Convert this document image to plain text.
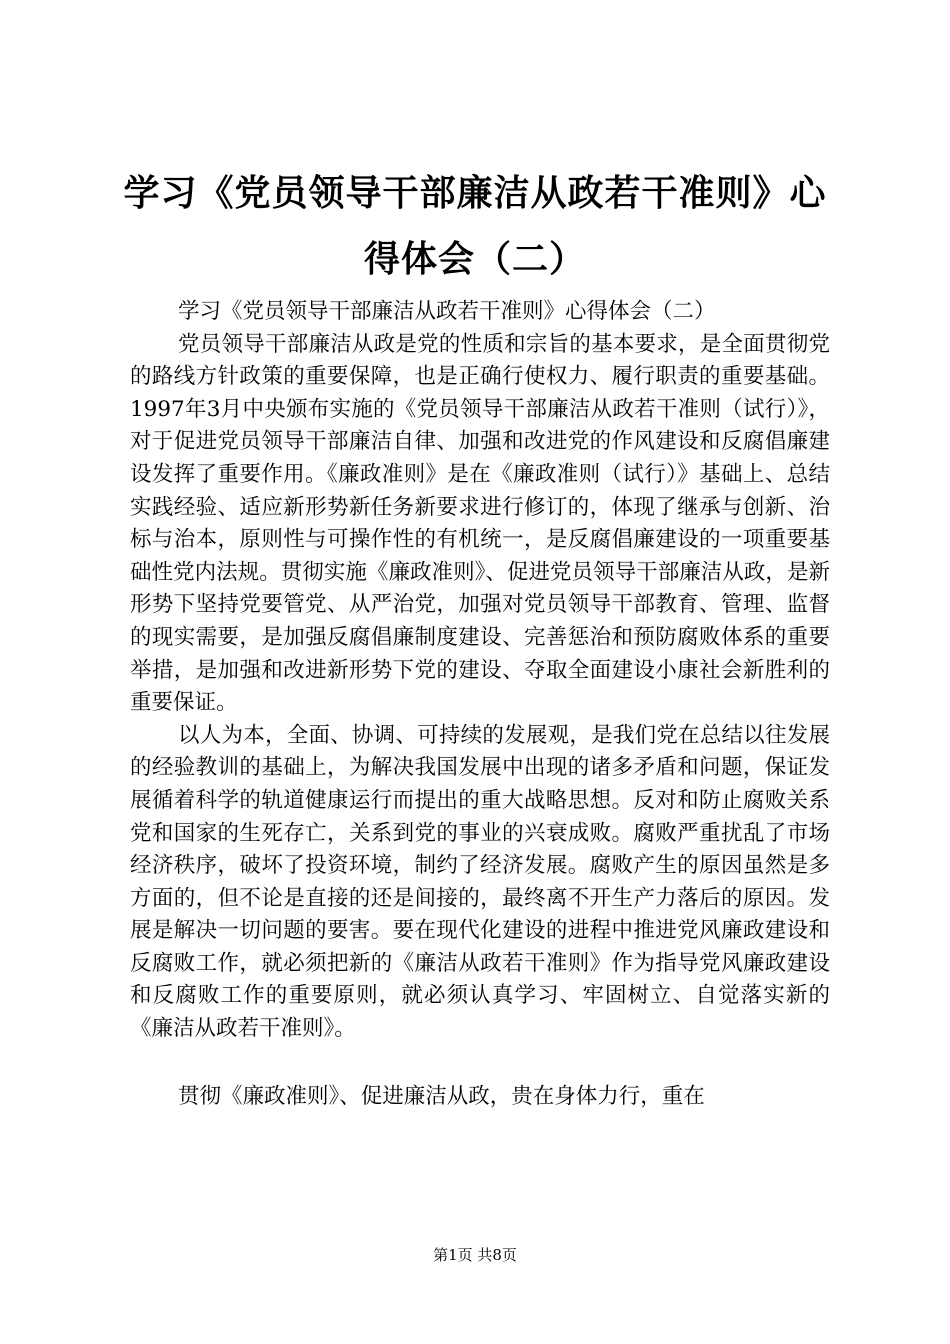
学习《党员领导干部廉洁从政若干准则》心得体会（二）

学习《党员领导干部廉洁从政若干准则》心得体会（二）

党员领导干部廉洁从政是党的性质和宗旨的基本要求，是全面贯彻党的路线方针政策的重要保障，也是正确行使权力、履行职责的重要基础。1997年3月中央颁布实施的《党员领导干部廉洁从政若干准则（试行）》，对于促进党员领导干部廉洁自律、加强和改进党的作风建设和反腐倡廉建设发挥了重要作用。《廉政准则》是在《廉政准则（试行）》基础上、总结实践经验、适应新形势新任务新要求进行修订的，体现了继承与创新、治标与治本，原则性与可操作性的有机统一，是反腐倡廉建设的一项重要基础性党内法规。贯彻实施《廉政准则》、促进党员领导干部廉洁从政，是新形势下坚持党要管党、从严治党，加强对党员领导干部教育、管理、监督的现实需要，是加强反腐倡廉制度建设、完善惩治和预防腐败体系的重要举措，是加强和改进新形势下党的建设、夺取全面建设小康社会新胜利的重要保证。

以人为本，全面、协调、可持续的发展观，是我们党在总结以往发展的经验教训的基础上，为解决我国发展中出现的诸多矛盾和问题，保证发展循着科学的轨道健康运行而提出的重大战略思想。反对和防止腐败关系党和国家的生死存亡，关系到党的事业的兴衰成败。腐败严重扰乱了市场经济秩序，破坏了投资环境，制约了经济发展。腐败产生的原因虽然是多方面的，但不论是直接的还是间接的，最终离不开生产力落后的原因。发展是解决一切问题的要害。要在现代化建设的进程中推进党风廉政建设和反腐败工作，就必须把新的《廉洁从政若干准则》作为指导党风廉政建设和反腐败工作的重要原则，就必须认真学习、牢固树立、自觉落实新的《廉洁从政若干准则》。

贯彻《廉政准则》、促进廉洁从政，贵在身体力行，重在

第1页 共8页
